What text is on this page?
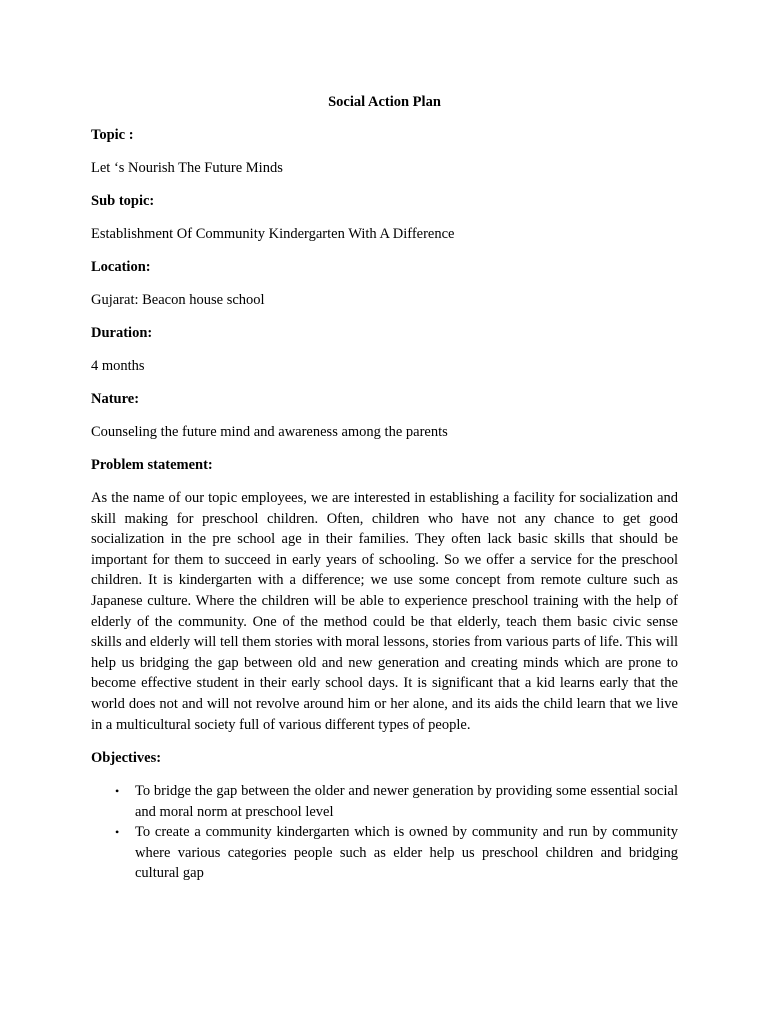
Social Action Plan
Topic :
Let ‘s Nourish The Future Minds
Sub topic:
Establishment Of Community Kindergarten With A Difference
Location:
Gujarat: Beacon house school
Duration:
4 months
Nature:
Counseling the future mind and awareness among the parents
Problem statement:
As the name of our topic employees, we are interested in establishing a facility for socialization and skill making for preschool children. Often, children who have not any chance to get good socialization in the pre school age in their families. They often lack basic skills that should be important for them to succeed in early years of schooling. So we offer a service for the preschool children. It is kindergarten with a difference; we use some concept from remote culture such as Japanese culture. Where the children will be able to experience preschool training with the help of elderly of the community. One of the method could be that elderly, teach them basic civic sense skills and elderly will tell them stories with moral lessons, stories from various parts of life. This will help us bridging the gap between old and new generation and creating minds which are prone to become effective student in their early school days. It is significant that a kid learns early that the world does not and will not revolve around him or her alone, and its aids the child learn that we live in a multicultural society full of various different types of people.
Objectives:
• To bridge the gap between the older and newer generation by providing some essential social and moral norm at preschool level
• To create a community kindergarten which is owned by community and run by community where various categories people such as elder help us preschool children and bridging cultural gap
